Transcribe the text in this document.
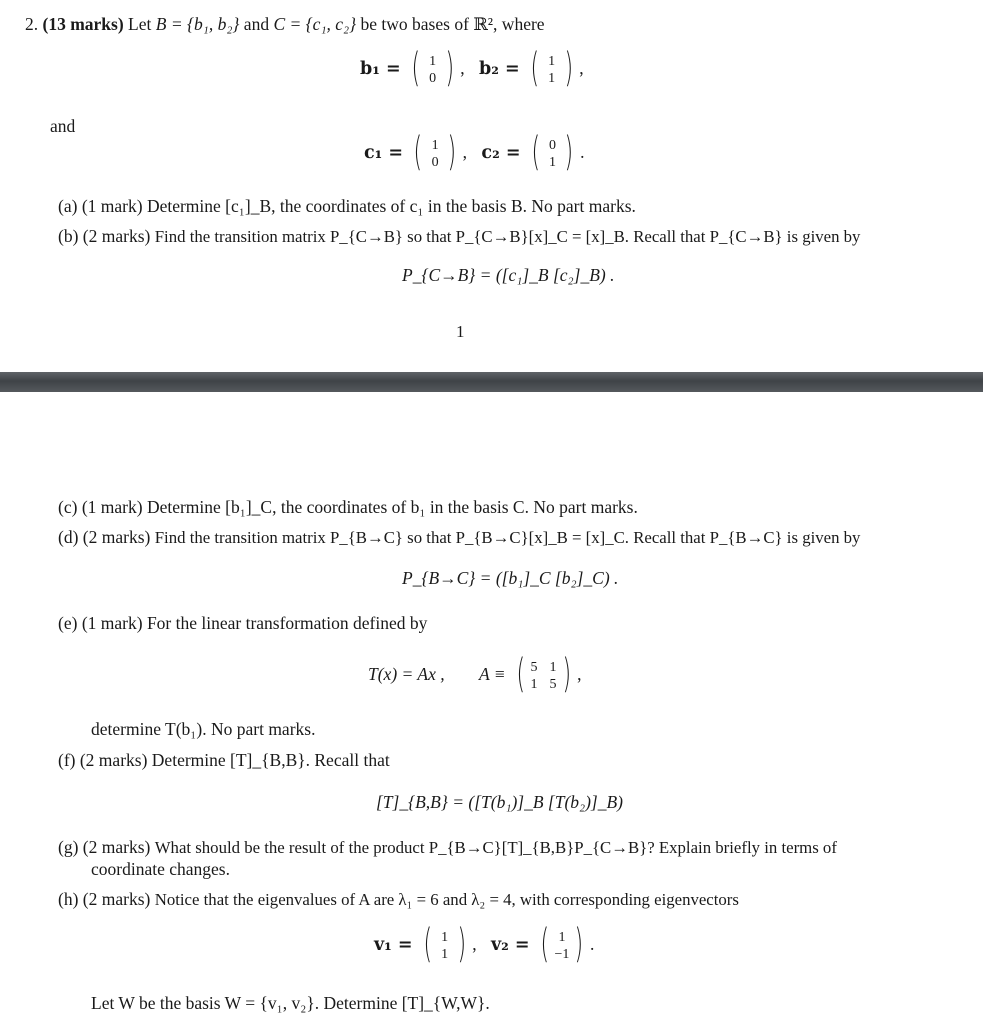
2. (13 marks) Let B = {b₁, b₂} and C = {c₁, c₂} be two bases of ℝ², where
b₁ = ( 1
0 ) , b₂ = ( 1
1 ) ,
and
c₁ = ( 1
0 ) , c₂ = ( 0
1 ) .
(a) (1 mark) Determine [c₁]_B, the coordinates of c₁ in the basis B. No part marks.
(b) (2 marks) Find the transition matrix P_{C→B} so that P_{C→B}[x]_C = [x]_B. Recall that P_{C→B} is given by
P_{C→B} = ([c₁]_B [c₂]_B) .
1
(c) (1 mark) Determine [b₁]_C, the coordinates of b₁ in the basis C. No part marks.
(d) (2 marks) Find the transition matrix P_{B→C} so that P_{B→C}[x]_B = [x]_C. Recall that P_{B→C} is given by
P_{B→C} = ([b₁]_C [b₂]_C) .
(e) (1 mark) For the linear transformation defined by
T(x) = Ax , A ≡ ( 5 1
1 5 ) ,
determine T(b₁). No part marks.
(f) (2 marks) Determine [T]_{B,B}. Recall that
[T]_{B,B} = ([T(b₁)]_B [T(b₂)]_B)
(g) (2 marks) What should be the result of the product P_{B→C}[T]_{B,B}P_{C→B}? Explain briefly in terms of
coordinate changes.
(h) (2 marks) Notice that the eigenvalues of A are λ₁ = 6 and λ₂ = 4, with corresponding eigenvectors
v₁ = ( 1
1 ) , v₂ = ( 1
−1 ) .
Let W be the basis W = {v₁, v₂}. Determine [T]_{W,W}.
